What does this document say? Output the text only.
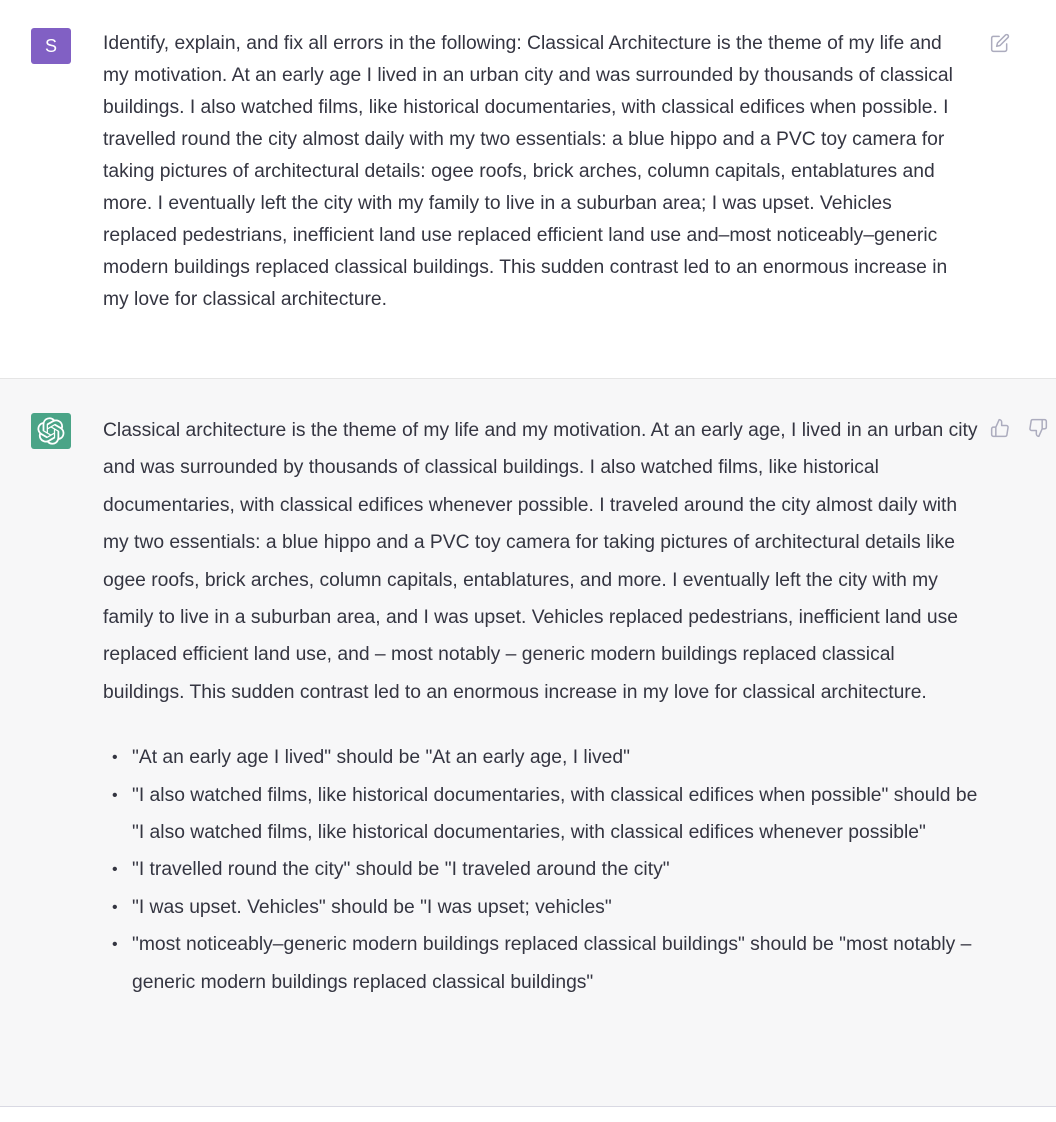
S Identify, explain, and fix all errors in the following: Classical Architecture is the theme of my life and my motivation. At an early age I lived in an urban city and was surrounded by thousands of classical buildings. I also watched films, like historical documentaries, with classical edifices when possible. I travelled round the city almost daily with my two essentials: a blue hippo and a PVC toy camera for taking pictures of architectural details: ogee roofs, brick arches, column capitals, entablatures and more. I eventually left the city with my family to live in a suburban area; I was upset. Vehicles replaced pedestrians, inefficient land use replaced efficient land use and–most noticeably–generic modern buildings replaced classical buildings. This sudden contrast led to an enormous increase in my love for classical architecture.

Classical architecture is the theme of my life and my motivation. At an early age, I lived in an urban city and was surrounded by thousands of classical buildings. I also watched films, like historical documentaries, with classical edifices whenever possible. I traveled around the city almost daily with my two essentials: a blue hippo and a PVC toy camera for taking pictures of architectural details like ogee roofs, brick arches, column capitals, entablatures, and more. I eventually left the city with my family to live in a suburban area, and I was upset. Vehicles replaced pedestrians, inefficient land use replaced efficient land use, and – most notably – generic modern buildings replaced classical buildings. This sudden contrast led to an enormous increase in my love for classical architecture.

• "At an early age I lived" should be "At an early age, I lived"
• "I also watched films, like historical documentaries, with classical edifices when possible" should be "I also watched films, like historical documentaries, with classical edifices whenever possible"
• "I travelled round the city" should be "I traveled around the city"
• "I was upset. Vehicles" should be "I was upset; vehicles"
• "most noticeably–generic modern buildings replaced classical buildings" should be "most notably – generic modern buildings replaced classical buildings"
